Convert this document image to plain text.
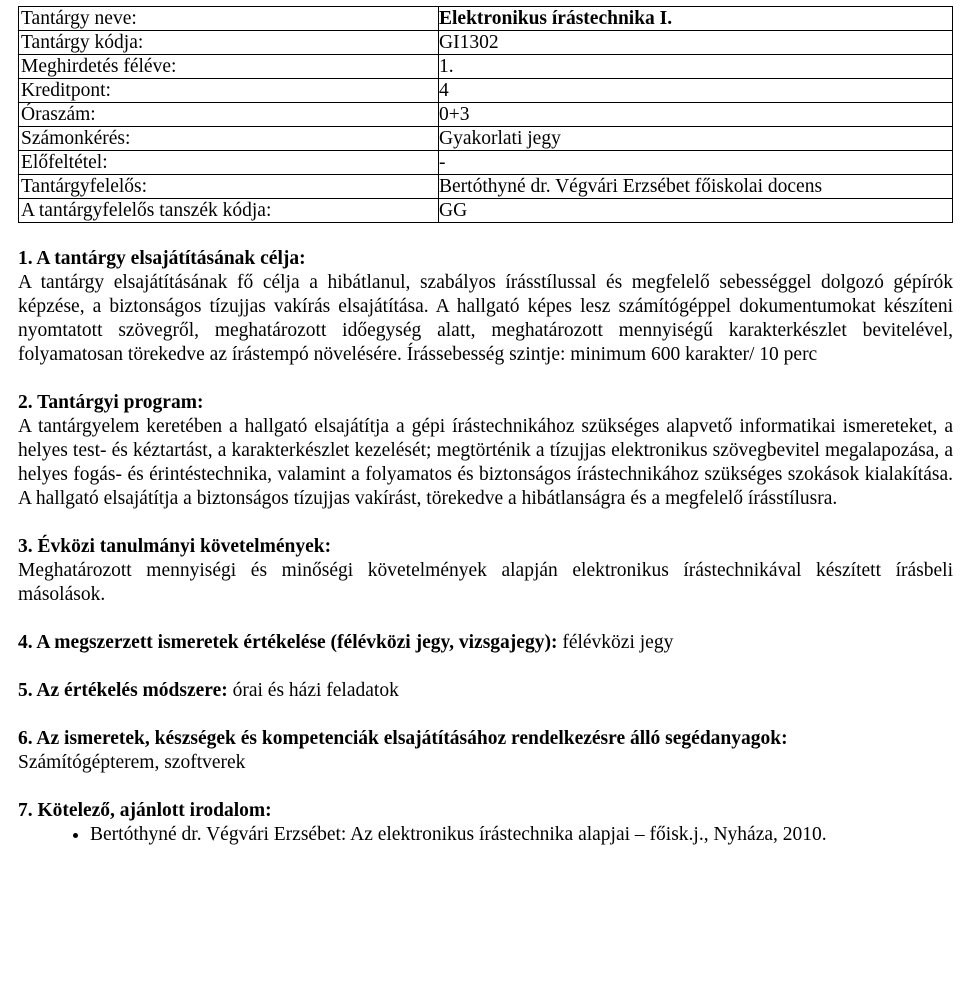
Tantárgy neve:	Elektronikus írástechnika I.
Tantárgy kódja:	GI1302
Meghirdetés féléve:	1.
Kreditpont:	4
Óraszám:	0+3
Számonkérés:	Gyakorlati jegy
Előfeltétel:	-
Tantárgyfelelős:	Bertóthyné dr. Végvári Erzsébet főiskolai docens
A tantárgyfelelős tanszék kódja:	GG
1. A tantárgy elsajátításának célja:

A tantárgy elsajátításának fő célja a hibátlanul, szabályos írásstílussal és megfelelő sebességgel dolgozó gépírók képzése, a biztonságos tízujjas vakírás elsajátítása. A hallgató képes lesz számítógéppel dokumentumokat készíteni nyomtatott szövegről, meghatározott időegység alatt, meghatározott mennyiségű karakterkészlet bevitelével, folyamatosan törekedve az írástempó növelésére. Írássebesség szintje: minimum 600 karakter/ 10 perc

2. Tantárgyi program:

A tantárgyelem keretében a hallgató elsajátítja a gépi írástechnikához szükséges alapvető informatikai ismereteket, a helyes test- és kéztartást, a karakterkészlet kezelését; megtörténik a tízujjas elektronikus szövegbevitel megalapozása, a helyes fogás- és érintéstechnika, valamint a folyamatos és biztonságos írástechnikához szükséges szokások kialakítása. A hallgató elsajátítja a biztonságos tízujjas vakírást, törekedve a hibátlanságra és a megfelelő írásstílusra.

3. Évközi tanulmányi követelmények:

Meghatározott mennyiségi és minőségi követelmények alapján elektronikus írástechnikával készített írásbeli másolások.

4. A megszerzett ismeretek értékelése (félévközi jegy, vizsgajegy): félévközi jegy

5. Az értékelés módszere: órai és házi feladatok

6. Az ismeretek, készségek és kompetenciák elsajátításához rendelkezésre álló segédanyagok:

Számítógépterem, szoftverek

7. Kötelező, ajánlott irodalom:
• Bertóthyné dr. Végvári Erzsébet: Az elektronikus írástechnika alapjai – főisk.j., Nyháza, 2010.
